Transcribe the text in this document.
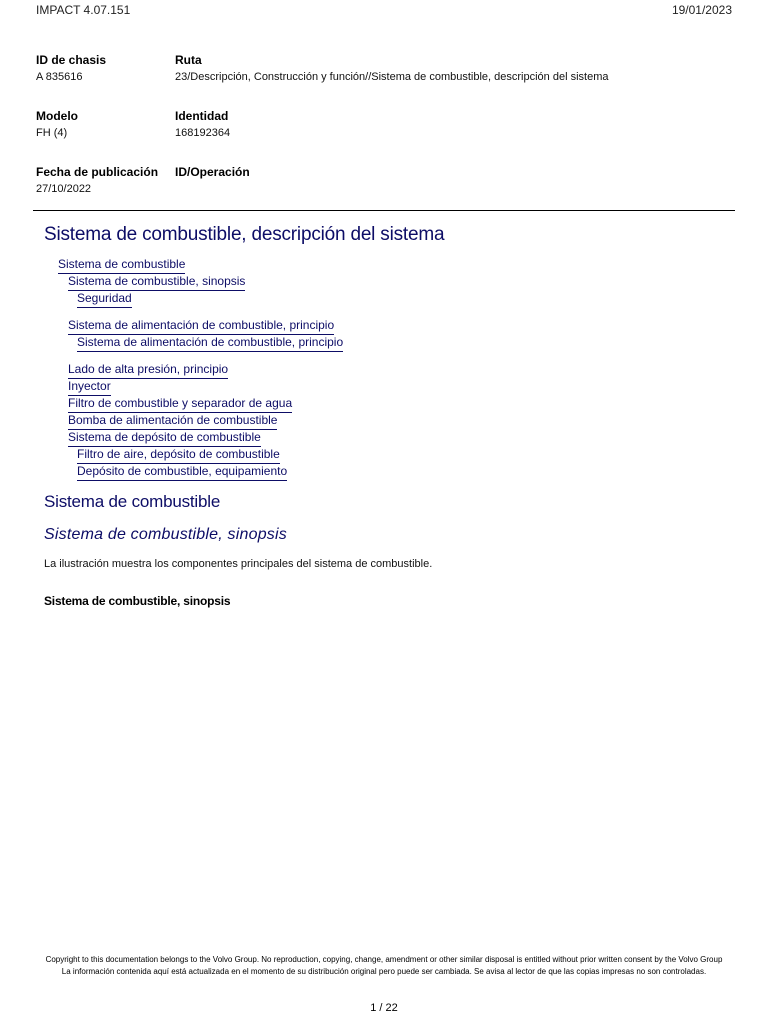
IMPACT 4.07.151	19/01/2023
ID de chasis
A 835616
Ruta
23/Descripción, Construcción y función//Sistema de combustible, descripción del sistema
Modelo
FH (4)
Identidad
168192364
Fecha de publicación
27/10/2022
ID/Operación
Sistema de combustible, descripción del sistema
Sistema de combustible
Sistema de combustible, sinopsis
Seguridad
Sistema de alimentación de combustible, principio
Sistema de alimentación de combustible, principio
Lado de alta presión, principio
Inyector
Filtro de combustible y separador de agua
Bomba de alimentación de combustible
Sistema de depósito de combustible
Filtro de aire, depósito de combustible
Depósito de combustible, equipamiento
Sistema de combustible
Sistema de combustible, sinopsis

La ilustración muestra los componentes principales del sistema de combustible.

Sistema de combustible, sinopsis

Copyright to this documentation belongs to the Volvo Group. No reproduction, copying, change, amendment or other similar disposal is entitled without prior written consent by the Volvo Group

La información contenida aquí está actualizada en el momento de su distribución original pero puede ser cambiada. Se avisa al lector de que las copias impresas no son controladas.

1 / 22
